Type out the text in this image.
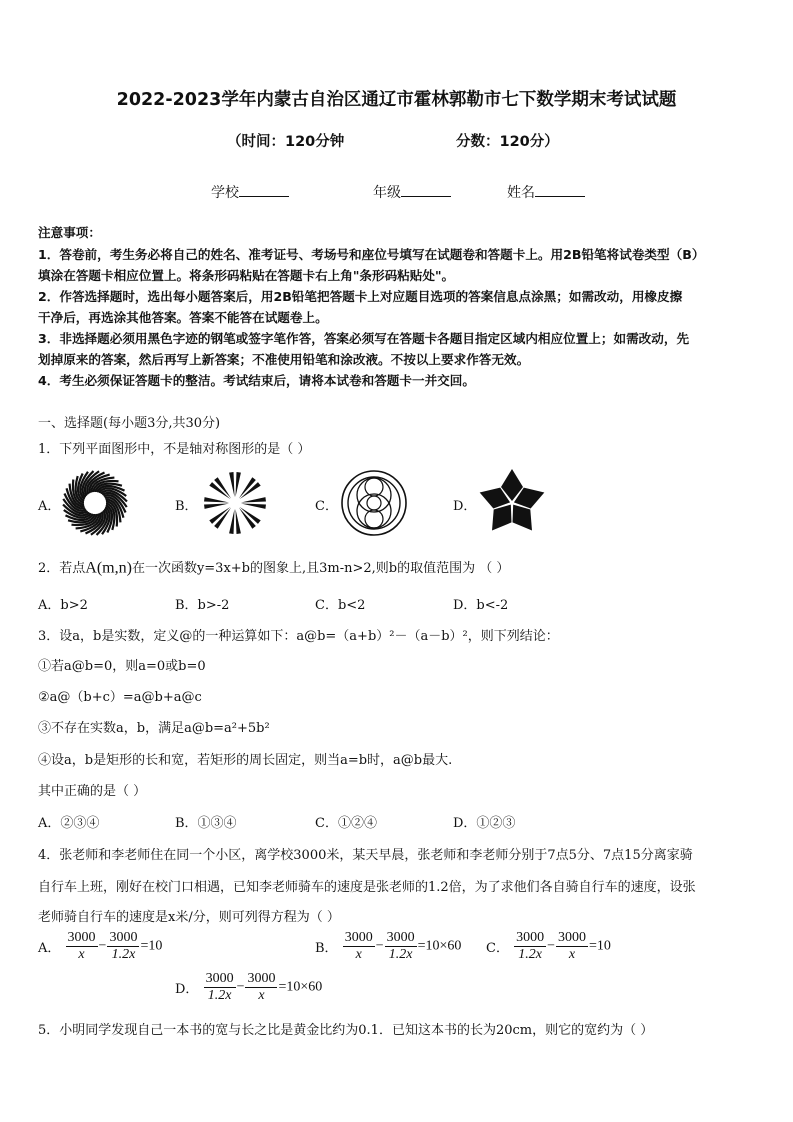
2022-2023学年内蒙古自治区通辽市霍林郭勒市七下数学期末考试试题
（时间：120分钟	分数：120分）
学校	年级	姓名
注意事项：
1．答卷前，考生务必将自己的姓名、准考证号、考场号和座位号填写在试题卷和答题卡上。用2B铅笔将试卷类型（B）
填涂在答题卡相应位置上。将条形码粘贴在答题卡右上角"条形码粘贴处"。
2．作答选择题时，选出每小题答案后，用2B铅笔把答题卡上对应题目选项的答案信息点涂黑；如需改动，用橡皮擦
干净后，再选涂其他答案。答案不能答在试题卷上。
3．非选择题必须用黑色字迹的钢笔或签字笔作答，答案必须写在答题卡各题目指定区域内相应位置上；如需改动，先
划掉原来的答案，然后再写上新答案；不准使用铅笔和涂改液。不按以上要求作答无效。
4．考生必须保证答题卡的整洁。考试结束后，请将本试卷和答题卡一并交回。
一、选择题(每小题3分,共30分)
1．下列平面图形中，不是轴对称图形的是（ ）
A．	B．	C．	D．
2．若点A(m,n)在一次函数y=3x+b的图象上,且3m-n>2,则b的取值范围为 （ ）
A．b>2	B．b>-2	C．b<2	D．b<-2
3．设a，b是实数，定义@的一种运算如下：a@b=（a+b）²－（a－b）²，则下列结论：
①若a@b=0，则a=0或b=0
②a@（b+c）=a@b+a@c
③不存在实数a，b，满足a@b=a²+5b²
④设a，b是矩形的长和宽，若矩形的周长固定，则当a=b时，a@b最大.
其中正确的是（ ）
A．②③④	B．①③④	C．①②④	D．①②③
4．张老师和李老师住在同一个小区，离学校3000米，某天早晨，张老师和李老师分别于7点5分、7点15分离家骑
自行车上班，刚好在校门口相遇，已知李老师骑车的速度是张老师的1.2倍，为了求他们各自骑自行车的速度，设张
老师骑自行车的速度是x米/分，则可列得方程为（ ）
A． $\frac{3000}{x} - \frac{3000}{1.2x} =10$	B． $\frac{3000}{x} - \frac{3000}{1.2x} =10\times 60$ C． $\frac{3000}{1.2x} - \frac{3000}{x} =10$
D． $\frac{3000}{1.2x} - \frac{3000}{x} =10\times 60$
5．小明同学发现自己一本书的宽与长之比是黄金比约为0.1．已知这本书的长为20cm，则它的宽约为（ ）
